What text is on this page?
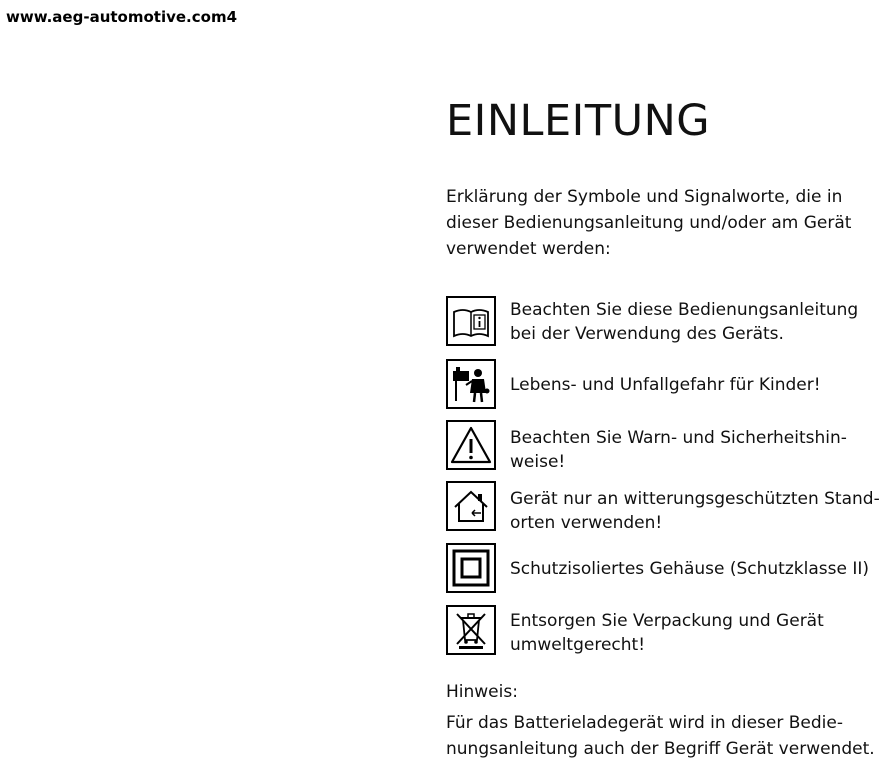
www.aeg-automotive.com4
EINLEITUNG

Erklärung der Symbole und Signalworte, die in
dieser Bedienungsanleitung und/oder am Gerät
verwendet werden:

Beachten Sie diese Bedienungsanleitung
bei der Verwendung des Geräts.

Lebens- und Unfallgefahr für Kinder!

Beachten Sie Warn- und Sicherheitshin-
weise!

Gerät nur an witterungsgeschützten Stand-
orten verwenden!

Schutzisoliertes Gehäuse (Schutzklasse II)

Entsorgen Sie Verpackung und Gerät
umweltgerecht!

Hinweis:

Für das Batterieladegerät wird in dieser Bedie-
nungsanleitung auch der Begriff Gerät verwendet.
